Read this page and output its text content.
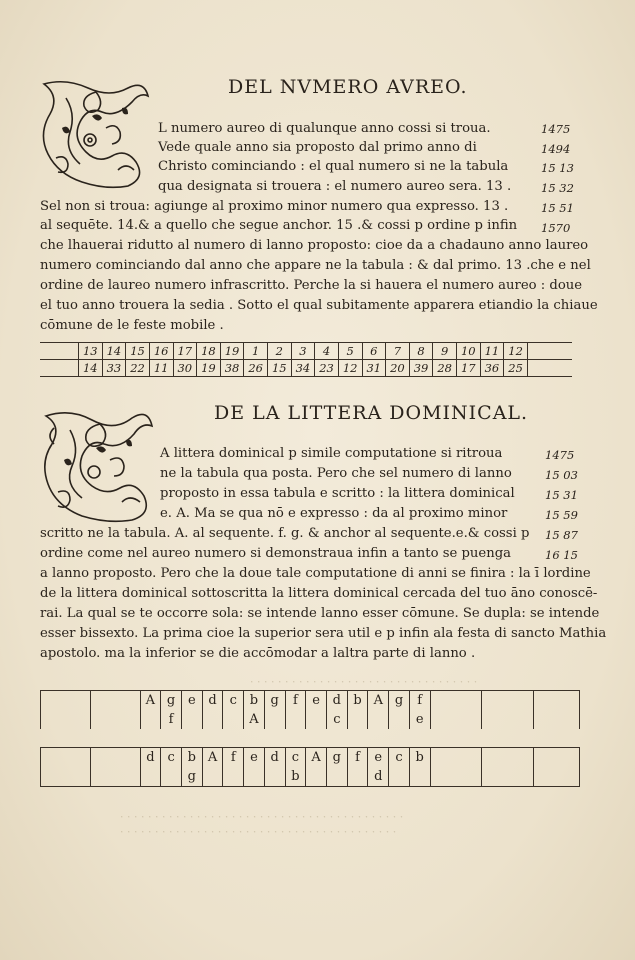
· · · · · · · · · · · · · · · · · · · · · · · · · · · · · · · · ·
· · · · · · · · · · · · · · · · · · · · · · · · · · · · · · · · · · · · · · · · ·
· · · · · · · · · · · · · · · · · · · · · · · · · · · · · · · · · · · · · · · ·
DEL NVMERO AVREO.
L numero aureo di qualunque anno cossi si troua.
Vede quale anno sia proposto dal primo anno di
Christo cominciando : el qual numero si ne la tabula
qua designata si trouera : el numero aureo sera. 13 .
Sel non si troua: agiunge al proximo minor numero qua expresso. 13 .
al sequēte. 14.& a quello che segue anchor. 15 .& cossi p ordine p infin
che lhauerai ridutto al numero di lanno proposto: cioe da a chadauno anno laureo
numero cominciando dal anno che appare ne la tabula : & dal primo. 13 .che e nel
ordine de laureo numero infrascritto. Perche la si hauera el numero aureo : doue
el tuo anno trouera la sedia . Sotto el qual subitamente apparera etiandio la chiaue
cōmune de le feste mobile .
1475
1494
15 13
15 32
15 51
1570
	13	14	15	16	17	18	19	1	2	3	4	5	6	7	8	9	10	11	12	
	14	33	22	11	30	19	38	26	15	34	23	12	31	20	39	28	17	36	25	
DE LA LITTERA DOMINICAL.
A littera dominical p simile computatione si ritroua
ne la tabula qua posta. Pero che sel numero di lanno
proposto in essa tabula e scritto : la littera dominical
e. A. Ma se qua nō e expresso : da al proximo minor
scritto ne la tabula. A. al sequente. f. g. & anchor al sequente.e.& cossi p
ordine come nel aureo numero si demonstraua infin a tanto se puenga
a lanno proposto. Pero che la doue tale computatione di anni se finira : la ī lordine
de la littera dominical sottoscritta la littera dominical cercada del tuo āno conoscē-
rai. La qual se te occorre sola: se intende lanno esser cōmune. Se dupla: se intende
esser bissexto. La prima cioe la superior sera util e p infin ala festa di sancto Mathia
apostolo. ma la inferior se die accōmodar a laltra parte di lanno .
1475
15 03
15 31
15 59
15 87
16 15
		A	g	e	d	c	b	g	f	e	d	b	A	g	f			
			f				A				c				e			

		d	c	b	A	f	e	d	c	A	g	f	e	c	b			
				g					b				d					
